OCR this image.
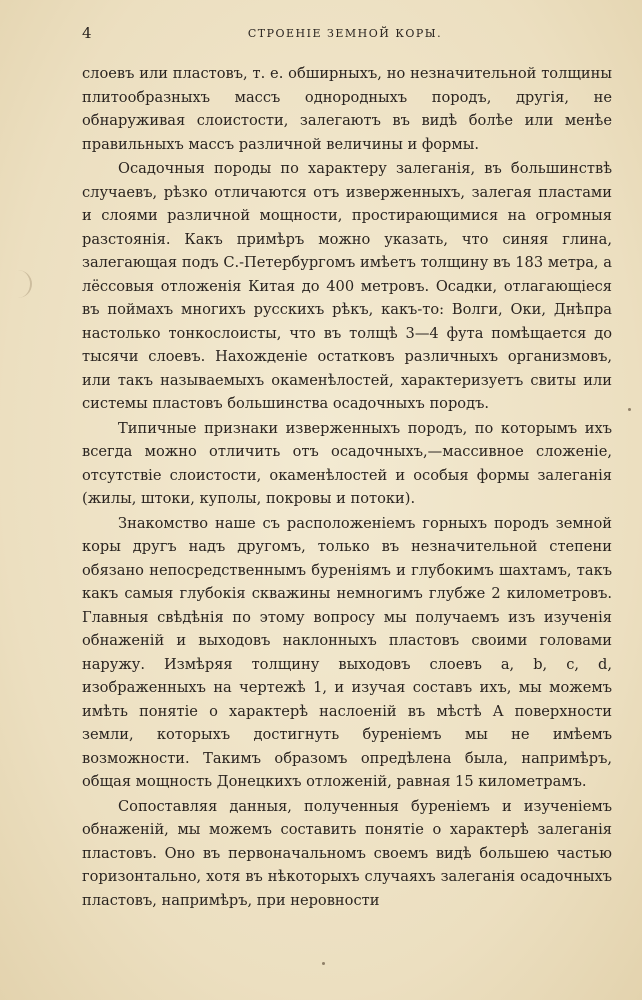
4	СТРОЕНІЕ ЗЕМНОЙ КОРЫ.

слоевъ или пластовъ, т. е. обширныхъ, но незначительной толщины плитообразныхъ массъ однородныхъ породъ, другія, не обнаруживая слоистости, залегаютъ въ видѣ болѣе или менѣе правильныхъ массъ различной величины и формы.

Осадочныя породы по характеру залеганія, въ большинствѣ случаевъ, рѣзко отличаются отъ изверженныхъ, залегая пластами и слоями различной мощности, простирающимися на огромныя разстоянія. Какъ примѣръ можно указать, что синяя глина, залегающая подъ С.-Петербургомъ имѣетъ толщину въ 183 метра, а лёссовыя отложенія Китая до 400 метровъ. Осадки, отлагающіеся въ поймахъ многихъ русскихъ рѣкъ, какъ-то: Волги, Оки, Днѣпра настолько тонкослоисты, что въ толщѣ 3—4 фута помѣщается до тысячи слоевъ. Нахожденіе остатковъ различныхъ организмовъ, или такъ называемыхъ окаменѣлостей, характеризуетъ свиты или системы пластовъ большинства осадочныхъ породъ.

Типичные признаки изверженныхъ породъ, по которымъ ихъ всегда можно отличить отъ осадочныхъ,—массивное сложеніе, отсутствіе слоистости, окаменѣлостей и особыя формы залеганія (жилы, штоки, куполы, покровы и потоки).

Знакомство наше съ расположеніемъ горныхъ породъ земной коры другъ надъ другомъ, только въ незначительной степени обязано непосредственнымъ буреніямъ и глубокимъ шахтамъ, такъ какъ самыя глубокія скважины немногимъ глубже 2 километровъ. Главныя свѣдѣнія по этому вопросу мы получаемъ изъ изученія обнаженій и выходовъ наклонныхъ пластовъ своими головами наружу. Измѣряя толщину выходовъ слоевъ a, b, c, d, изображенныхъ на чертежѣ 1, и изучая составъ ихъ, мы можемъ имѣть понятіе о характерѣ наслоеній въ мѣстѣ A поверхности земли, которыхъ достигнуть буреніемъ мы не имѣемъ возможности. Такимъ образомъ опредѣлена была, напримѣръ, общая мощность Донецкихъ отложеній, равная 15 километрамъ.

Сопоставляя данныя, полученныя буреніемъ и изученіемъ обнаженій, мы можемъ составить понятіе о характерѣ залеганія пластовъ. Оно въ первоначальномъ своемъ видѣ большею частью горизонтально, хотя въ нѣкоторыхъ случаяхъ залеганія осадочныхъ пластовъ, напримѣръ, при неровности
